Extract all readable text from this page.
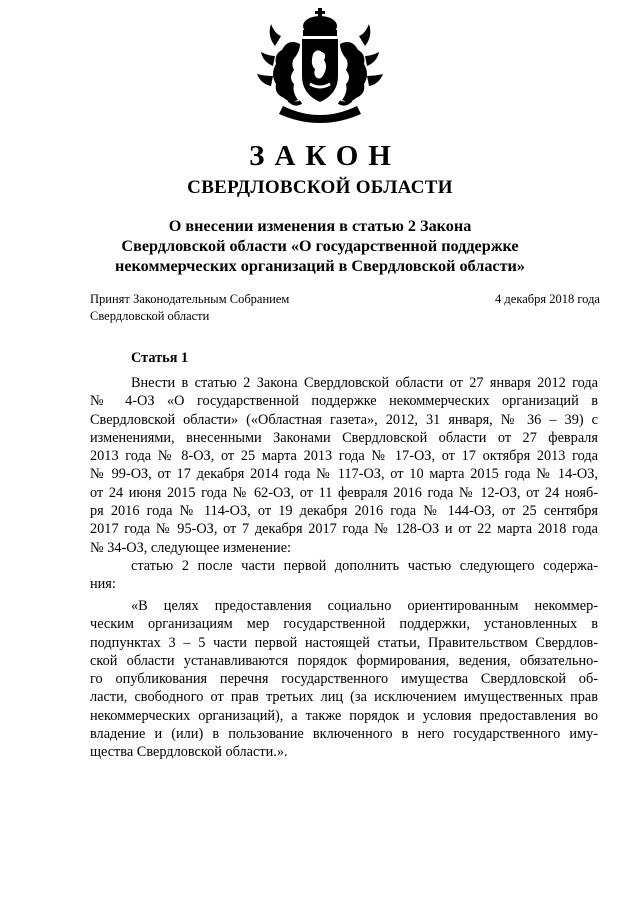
ЗАКОН
СВЕРДЛОВСКОЙ ОБЛАСТИ
О внесении изменения в статью 2 Закона
Свердловской области «О государственной поддержке
некоммерческих организаций в Свердловской области»
Принят Законодательным Собранием
Свердловской области
4 декабря 2018 года
Статья 1
Внести в статью 2 Закона Свердловской области от 27 января 2012 года
№ 4-ОЗ «О государственной поддержке некоммерческих организаций в
Свердловской области» («Областная газета», 2012, 31 января, № 36 – 39) с
изменениями, внесенными Законами Свердловской области от 27 февраля
2013 года № 8-ОЗ, от 25 марта 2013 года № 17-ОЗ, от 17 октября 2013 года
№ 99-ОЗ, от 17 декабря 2014 года № 117-ОЗ, от 10 марта 2015 года № 14-ОЗ,
от 24 июня 2015 года № 62-ОЗ, от 11 февраля 2016 года № 12-ОЗ, от 24 нояб-
ря 2016 года № 114-ОЗ, от 19 декабря 2016 года № 144-ОЗ, от 25 сентября
2017 года № 95-ОЗ, от 7 декабря 2017 года № 128-ОЗ и от 22 марта 2018 года
№ 34-ОЗ, следующее изменение:
статью 2 после части первой дополнить частью следующего содержа-
ния:
«В целях предоставления социально ориентированным некоммер-
ческим организациям мер государственной поддержки, установленных в
подпунктах 3 – 5 части первой настоящей статьи, Правительством Свердлов-
ской области устанавливаются порядок формирования, ведения, обязательно-
го опубликования перечня государственного имущества Свердловской об-
ласти, свободного от прав третьих лиц (за исключением имущественных прав
некоммерческих организаций), а также порядок и условия предоставления во
владение и (или) в пользование включенного в него государственного иму-
щества Свердловской области.».
